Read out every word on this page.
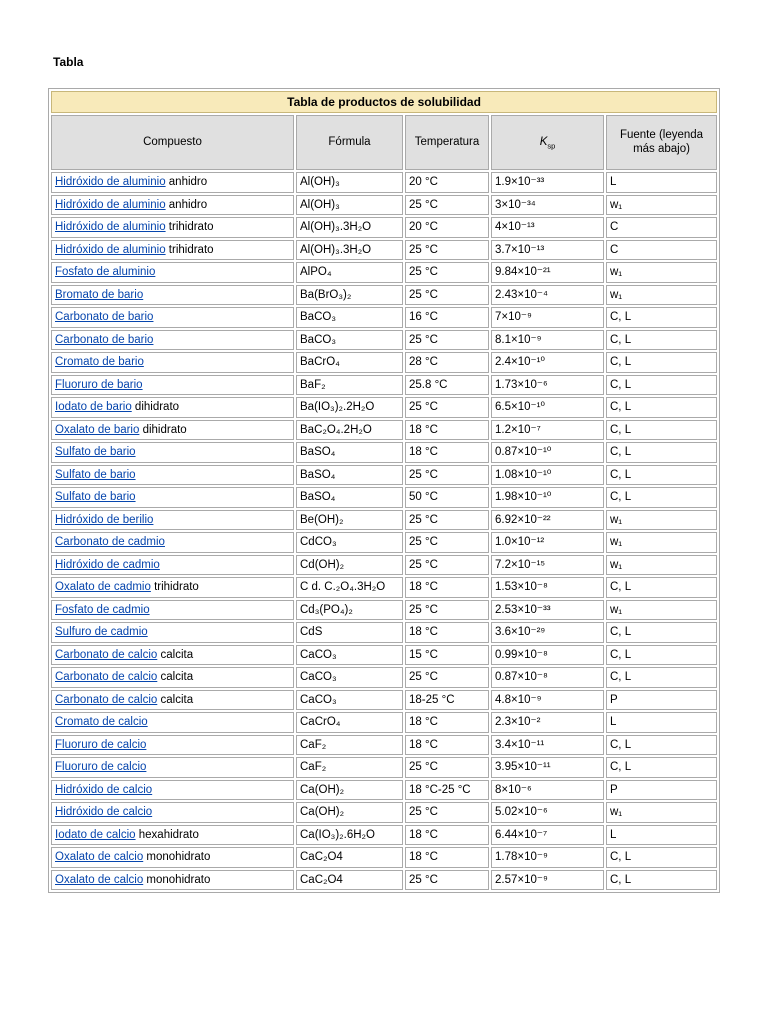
Tabla
Tabla de productos de solubilidad				
Compuesto	Fórmula	Temperatura	$K_{sp}$	Fuente (leyenda más abajo)
Hidróxido de aluminio anhidro	Al(OH)₃	20 °C	1.9×10⁻³³	L
Hidróxido de aluminio anhidro	Al(OH)₃	25 °C	3×10⁻³⁴	w₁
Hidróxido de aluminio trihidrato	Al(OH)₃.3H₂O	20 °C	4×10⁻¹³	C
Hidróxido de aluminio trihidrato	Al(OH)₃.3H₂O	25 °C	3.7×10⁻¹³	C
Fosfato de aluminio	AlPO₄	25 °C	9.84×10⁻²¹	w₁
Bromato de bario	Ba(BrO₃)₂	25 °C	2.43×10⁻⁴	w₁
Carbonato de bario	BaCO₃	16 °C	7×10⁻⁹	C, L
Carbonato de bario	BaCO₃	25 °C	8.1×10⁻⁹	C, L
Cromato de bario	BaCrO₄	28 °C	2.4×10⁻¹⁰	C, L
Fluoruro de bario	BaF₂	25.8 °C	1.73×10⁻⁶	C, L
Iodato de bario dihidrato	Ba(IO₃)₂.2H₂O	25 °C	6.5×10⁻¹⁰	C, L
Oxalato de bario dihidrato	BaC₂O₄.2H₂O	18 °C	1.2×10⁻⁷	C, L
Sulfato de bario	BaSO₄	18 °C	0.87×10⁻¹⁰	C, L
Sulfato de bario	BaSO₄	25 °C	1.08×10⁻¹⁰	C, L
Sulfato de bario	BaSO₄	50 °C	1.98×10⁻¹⁰	C, L
Hidróxido de berilio	Be(OH)₂	25 °C	6.92×10⁻²²	w₁
Carbonato de cadmio	CdCO₃	25 °C	1.0×10⁻¹²	w₁
Hidróxido de cadmio	Cd(OH)₂	25 °C	7.2×10⁻¹⁵	w₁
Oxalato de cadmio trihidrato	C d. C.₂O₄.3H₂O	18 °C	1.53×10⁻⁸	C, L
Fosfato de cadmio	Cd₃(PO₄)₂	25 °C	2.53×10⁻³³	w₁
Sulfuro de cadmio	CdS	18 °C	3.6×10⁻²⁹	C, L
Carbonato de calcio calcita	CaCO₃	15 °C	0.99×10⁻⁸	C, L
Carbonato de calcio calcita	CaCO₃	25 °C	0.87×10⁻⁸	C, L
Carbonato de calcio calcita	CaCO₃	18-25 °C	4.8×10⁻⁹	P
Cromato de calcio	CaCrO₄	18 °C	2.3×10⁻²	L
Fluoruro de calcio	CaF₂	18 °C	3.4×10⁻¹¹	C, L
Fluoruro de calcio	CaF₂	25 °C	3.95×10⁻¹¹	C, L
Hidróxido de calcio	Ca(OH)₂	18 °C-25 °C	8×10⁻⁶	P
Hidróxido de calcio	Ca(OH)₂	25 °C	5.02×10⁻⁶	w₁
Iodato de calcio hexahidrato	Ca(IO₃)₂.6H₂O	18 °C	6.44×10⁻⁷	L
Oxalato de calcio monohidrato	CaC₂O4	18 °C	1.78×10⁻⁹	C, L
Oxalato de calcio monohidrato	CaC₂O4	25 °C	2.57×10⁻⁹	C, L
